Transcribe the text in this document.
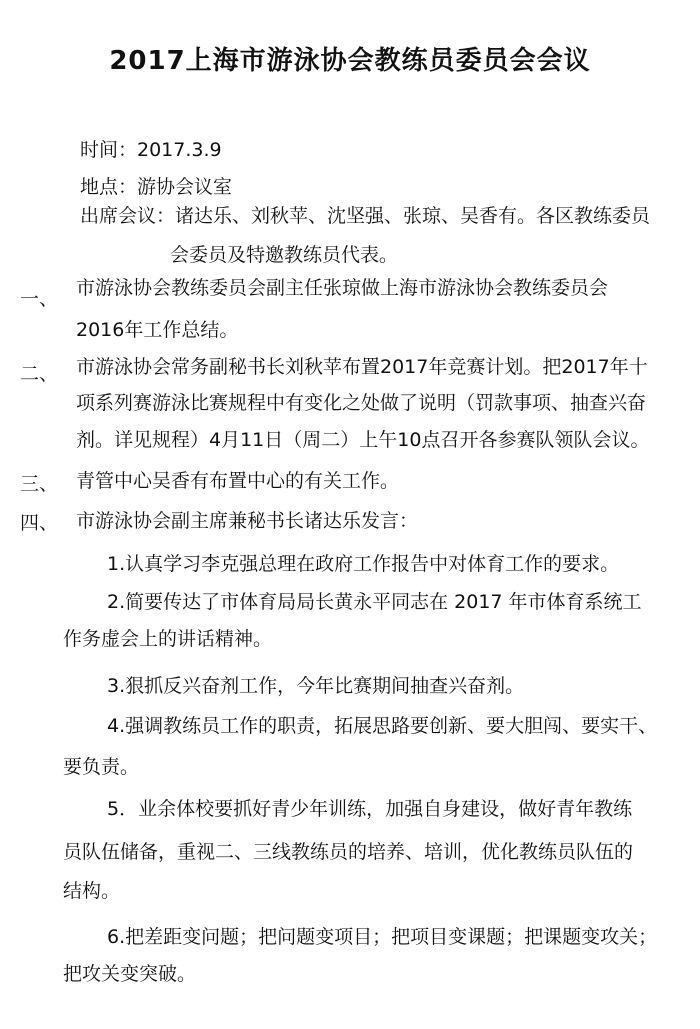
2017上海市游泳协会教练员委员会会议
时间：2017.3.9
地点：游协会议室
出席会议：诸达乐、刘秋苹、沈坚强、张琼、吴香有。各区教练委员
会委员及特邀教练员代表。
一、 市游泳协会教练委员会副主任张琼做上海市游泳协会教练委员会
2016年工作总结。
二、 市游泳协会常务副秘书长刘秋苹布置2017年竞赛计划。把2017年十
项系列赛游泳比赛规程中有变化之处做了说明（罚款事项、抽查兴奋
剂。详见规程）4月11日（周二）上午10点召开各参赛队领队会议。
三、 青管中心吴香有布置中心的有关工作。
四、 市游泳协会副主席兼秘书长诸达乐发言：
1.认真学习李克强总理在政府工作报告中对体育工作的要求。
2.简要传达了市体育局局长黄永平同志在 2017 年市体育系统工
作务虚会上的讲话精神。
3.狠抓反兴奋剂工作，今年比赛期间抽查兴奋剂。
4.强调教练员工作的职责，拓展思路要创新、要大胆闯、要实干、
要负责。
5．业余体校要抓好青少年训练，加强自身建设，做好青年教练
员队伍储备，重视二、三线教练员的培养、培训，优化教练员队伍的
结构。
6.把差距变问题；把问题变项目；把项目变课题；把课题变攻关；
把攻关变突破。
